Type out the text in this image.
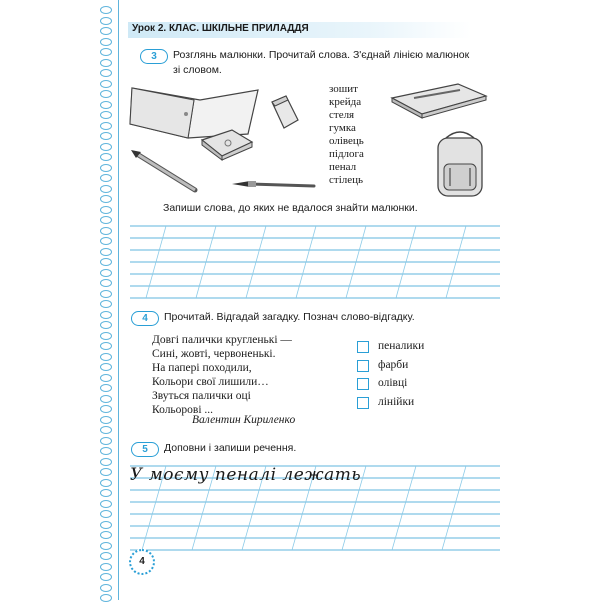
Урок 2. КЛАС. ШКІЛЬНЕ ПРИЛАДДЯ
3	Розглянь малюнки. Прочитай слова. З'єднай лінією малюнок
зі словом.
зошит
крейда
стеля
гумка
олівець
підлога
пенал
стілець
Запиши слова, до яких не вдалося знайти малюнки.
4	Прочитай. Відгадай загадку. Познач слово-відгадку.
Довгі палички кругленькі —
Сині, жовті, червоненькі.
На папері походили,
Кольори свої лишили…
Звуться палички оці
Кольорові ...
Валентин Кириленко
пеналики
фарби
олівці
лінійки
5	Доповни і запиши речення.
У моєму пеналі лежать
4
